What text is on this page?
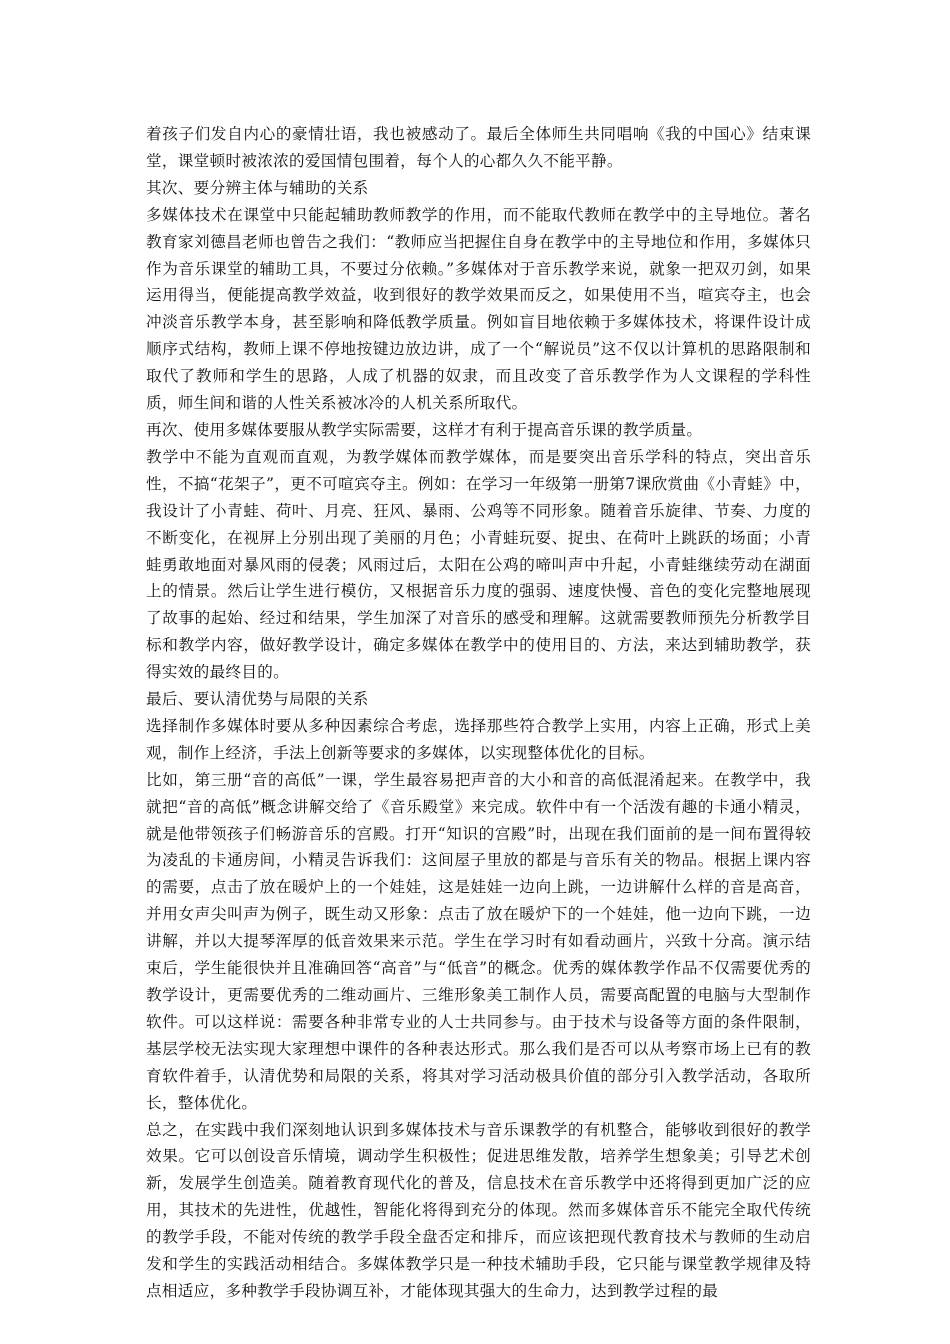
着孩子们发自内心的豪情壮语，我也被感动了。最后全体师生共同唱响《我的中国心》结束课堂，课堂顿时被浓浓的爱国情包围着，每个人的心都久久不能平静。

其次、要分辨主体与辅助的关系

多媒体技术在课堂中只能起辅助教师教学的作用，而不能取代教师在教学中的主导地位。著名教育家刘德昌老师也曾告之我们：“教师应当把握住自身在教学中的主导地位和作用，多媒体只作为音乐课堂的辅助工具，不要过分依赖。”多媒体对于音乐教学来说，就象一把双刃剑，如果运用得当，便能提高教学效益，收到很好的教学效果而反之，如果使用不当，喧宾夺主，也会冲淡音乐教学本身，甚至影响和降低教学质量。例如盲目地依赖于多媒体技术，将课件设计成顺序式结构，教师上课不停地按键边放边讲，成了一个“解说员”这不仅以计算机的思路限制和取代了教师和学生的思路，人成了机器的奴隶，而且改变了音乐教学作为人文课程的学科性质，师生间和谐的人性关系被冰冷的人机关系所取代。

再次、使用多媒体要服从教学实际需要，这样才有利于提高音乐课的教学质量。

教学中不能为直观而直观，为教学媒体而教学媒体，而是要突出音乐学科的特点，突出音乐性，不搞“花架子”，更不可喧宾夺主。例如：在学习一年级第一册第7课欣赏曲《小青蛙》中，我设计了小青蛙、荷叶、月亮、狂风、暴雨、公鸡等不同形象。随着音乐旋律、节奏、力度的不断变化，在视屏上分别出现了美丽的月色；小青蛙玩耍、捉虫、在荷叶上跳跃的场面；小青蛙勇敢地面对暴风雨的侵袭；风雨过后，太阳在公鸡的啼叫声中升起，小青蛙继续劳动在湖面上的情景。然后让学生进行模仿，又根据音乐力度的强弱、速度快慢、音色的变化完整地展现了故事的起始、经过和结果，学生加深了对音乐的感受和理解。这就需要教师预先分析教学目标和教学内容，做好教学设计，确定多媒体在教学中的使用目的、方法，来达到辅助教学，获得实效的最终目的。

最后、要认清优势与局限的关系

选择制作多媒体时要从多种因素综合考虑，选择那些符合教学上实用，内容上正确，形式上美观，制作上经济，手法上创新等要求的多媒体，以实现整体优化的目标。

比如，第三册“音的高低”一课，学生最容易把声音的大小和音的高低混淆起来。在教学中，我就把“音的高低”概念讲解交给了《音乐殿堂》来完成。软件中有一个活泼有趣的卡通小精灵，就是他带领孩子们畅游音乐的宫殿。打开“知识的宫殿”时，出现在我们面前的是一间布置得较为凌乱的卡通房间，小精灵告诉我们：这间屋子里放的都是与音乐有关的物品。根据上课内容的需要，点击了放在暖炉上的一个娃娃，这是娃娃一边向上跳，一边讲解什么样的音是高音，并用女声尖叫声为例子，既生动又形象：点击了放在暖炉下的一个娃娃，他一边向下跳，一边讲解，并以大提琴浑厚的低音效果来示范。学生在学习时有如看动画片，兴致十分高。演示结束后，学生能很快并且准确回答“高音”与“低音”的概念。优秀的媒体教学作品不仅需要优秀的教学设计，更需要优秀的二维动画片、三维形象美工制作人员，需要高配置的电脑与大型制作软件。可以这样说：需要各种非常专业的人士共同参与。由于技术与设备等方面的条件限制，基层学校无法实现大家理想中课件的各种表达形式。那么我们是否可以从考察市场上已有的教育软件着手，认清优势和局限的关系，将其对学习活动极具价值的部分引入教学活动，各取所长，整体优化。

总之，在实践中我们深刻地认识到多媒体技术与音乐课教学的有机整合，能够收到很好的教学效果。它可以创设音乐情境，调动学生积极性；促进思维发散，培养学生想象美；引导艺术创新，发展学生创造美。随着教育现代化的普及，信息技术在音乐教学中还将得到更加广泛的应用，其技术的先进性，优越性，智能化将得到充分的体现。然而多媒体音乐不能完全取代传统的教学手段，不能对传统的教学手段全盘否定和排斥，而应该把现代教育技术与教师的生动启发和学生的实践活动相结合。多媒体教学只是一种技术辅助手段，它只能与课堂教学规律及特点相适应，多种教学手段协调互补，才能体现其强大的生命力，达到教学过程的最
